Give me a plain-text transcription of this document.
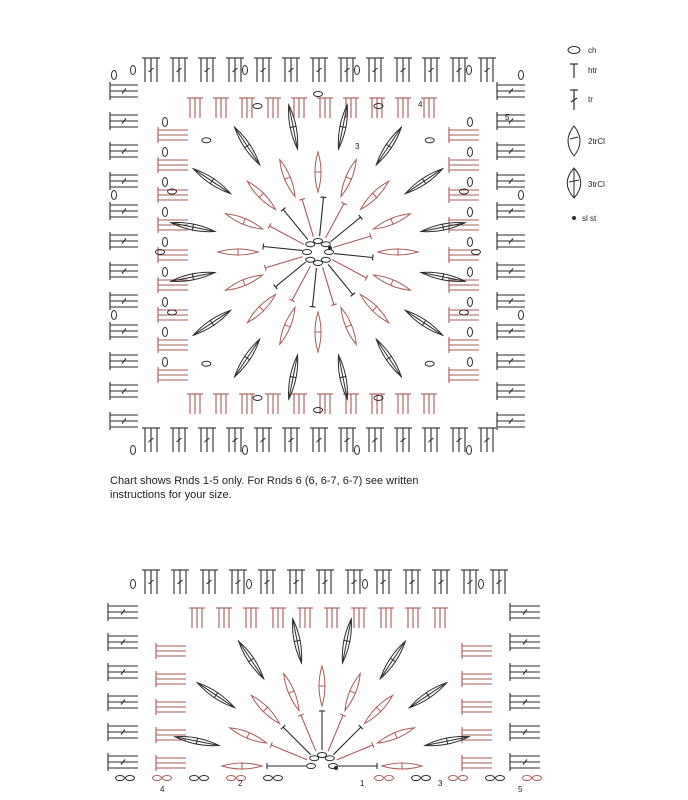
4
5
3
ch
htr
tr
2trCl
3trCl
sl st
Chart shows Rnds 1-5 only. For Rnds 6 (6, 6-7, 6-7) see written
instructions for your size.
4
2	1	3
5
